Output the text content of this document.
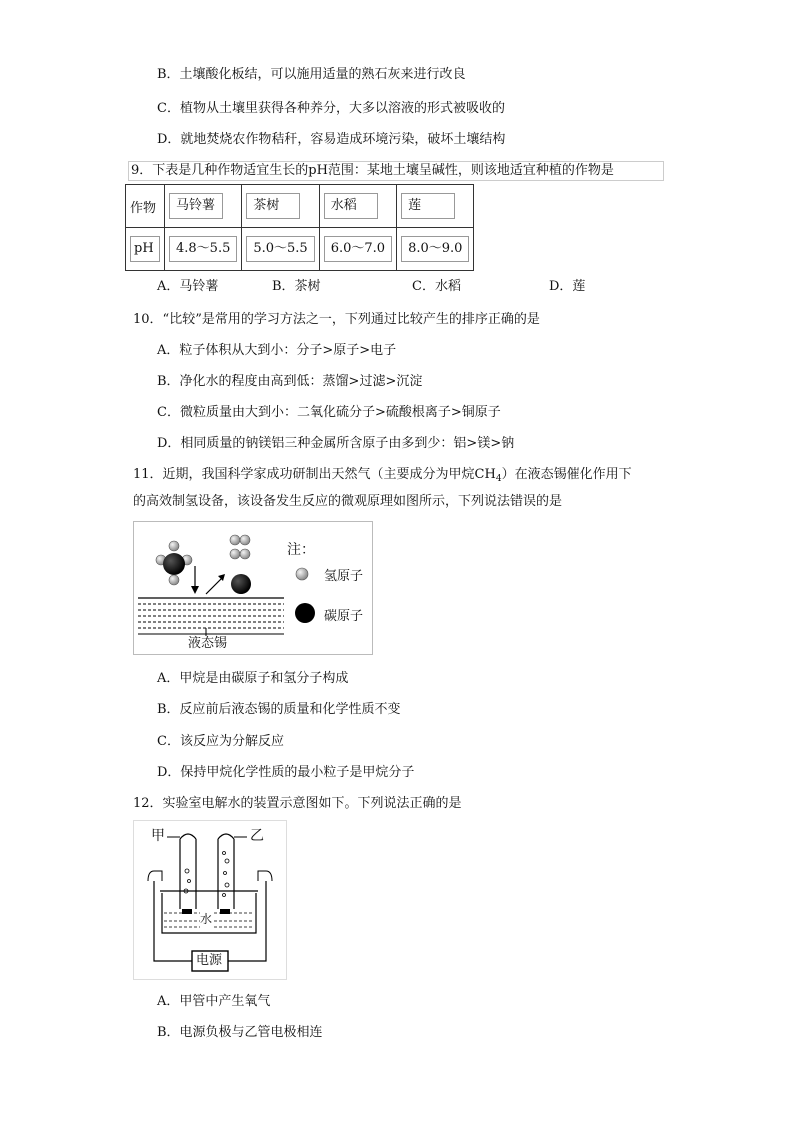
B．土壤酸化板结，可以施用适量的熟石灰来进行改良
C．植物从土壤里获得各种养分，大多以溶液的形式被吸收的
D．就地焚烧农作物秸秆，容易造成环境污染，破坏土壤结构
9．下表是几种作物适宜生长的pH范围：某地土壤呈碱性，则该地适宜种植的作物是
作物	马铃薯	茶树	水稻	莲
pH	4.8～5.5	5.0～5.5	6.0～7.0	8.0～9.0
A．马铃薯	B．茶树	C．水稻	D．莲
10．“比较”是常用的学习方法之一，下列通过比较产生的排序正确的是
A．粒子体积从大到小：分子>原子>电子
B．净化水的程度由高到低：蒸馏>过滤>沉淀
C．微粒质量由大到小：二氧化硫分子>硫酸根离子>铜原子
D．相同质量的钠镁铝三种金属所含原子由多到少：铝>镁>钠
11．近期，我国科学家成功研制出天然气（主要成分为甲烷$CH_4$）在液态锡催化作用下
的高效制氢设备，该设备发生反应的微观原理如图所示，下列说法错误的是
注：
氢原子
碳原子
液态锡
A．甲烷是由碳原子和氢分子构成
B．反应前后液态锡的质量和化学性质不变
C．该反应为分解反应
D．保持甲烷化学性质的最小粒子是甲烷分子
12．实验室电解水的装置示意图如下。下列说法正确的是
甲	乙
水
电源
A．甲管中产生氧气
B．电源负极与乙管电极相连
